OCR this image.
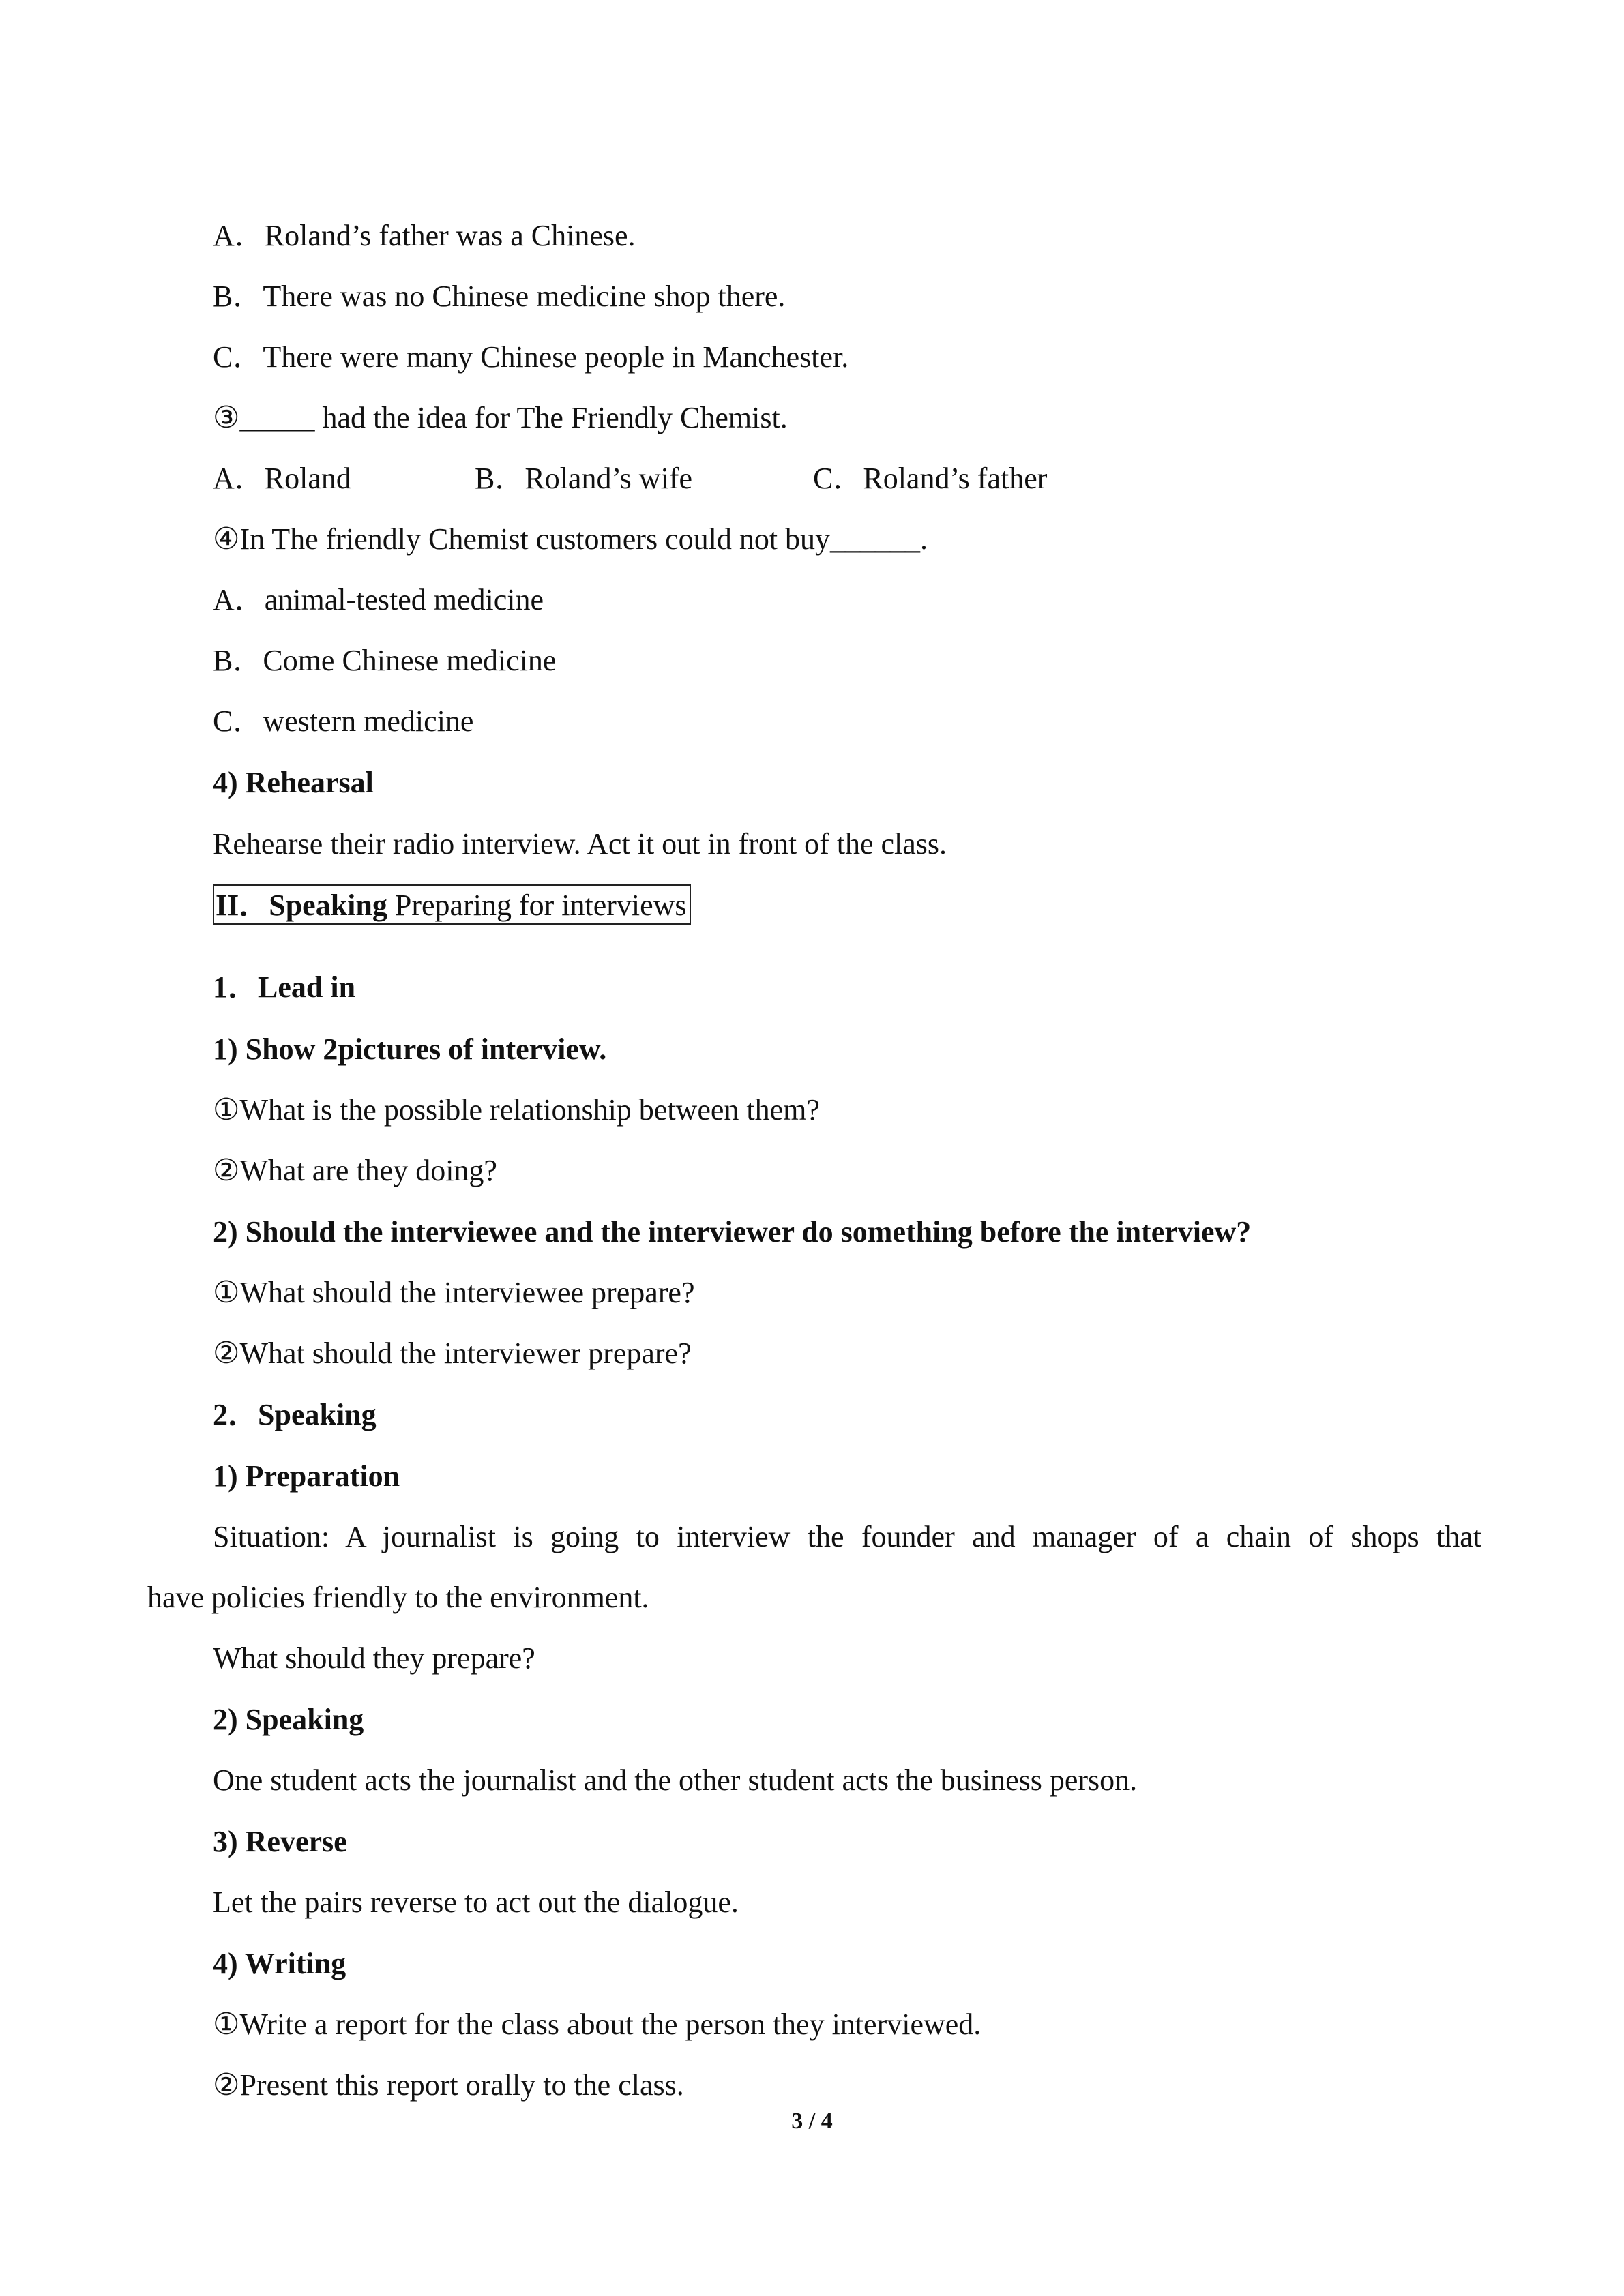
A．Roland’s father was a Chinese.
B．There was no Chinese medicine shop there.
C．There were many Chinese people in Manchester.
③_____ had the idea for The Friendly Chemist.
A．Roland	B．Roland’s wife	C．Roland’s father
④In The friendly Chemist customers could not buy______.
A．animal-tested medicine
B．Come Chinese medicine
C．western medicine
4) Rehearsal
Rehearse their radio interview. Act it out in front of the class.
II．Speaking Preparing for interviews
1．Lead in
1) Show 2pictures of interview.
①What is the possible relationship between them?
②What are they doing?
2) Should the interviewee and the interviewer do something before the interview?
①What should the interviewee prepare?
②What should the interviewer prepare?
2．Speaking
1) Preparation
Situation: A journalist is going to interview the founder and manager of a chain of shops that
have policies friendly to the environment.
What should they prepare?
2) Speaking
One student acts the journalist and the other student acts the business person.
3) Reverse
Let the pairs reverse to act out the dialogue.
4) Writing
①Write a report for the class about the person they interviewed.
②Present this report orally to the class.
3 / 4
